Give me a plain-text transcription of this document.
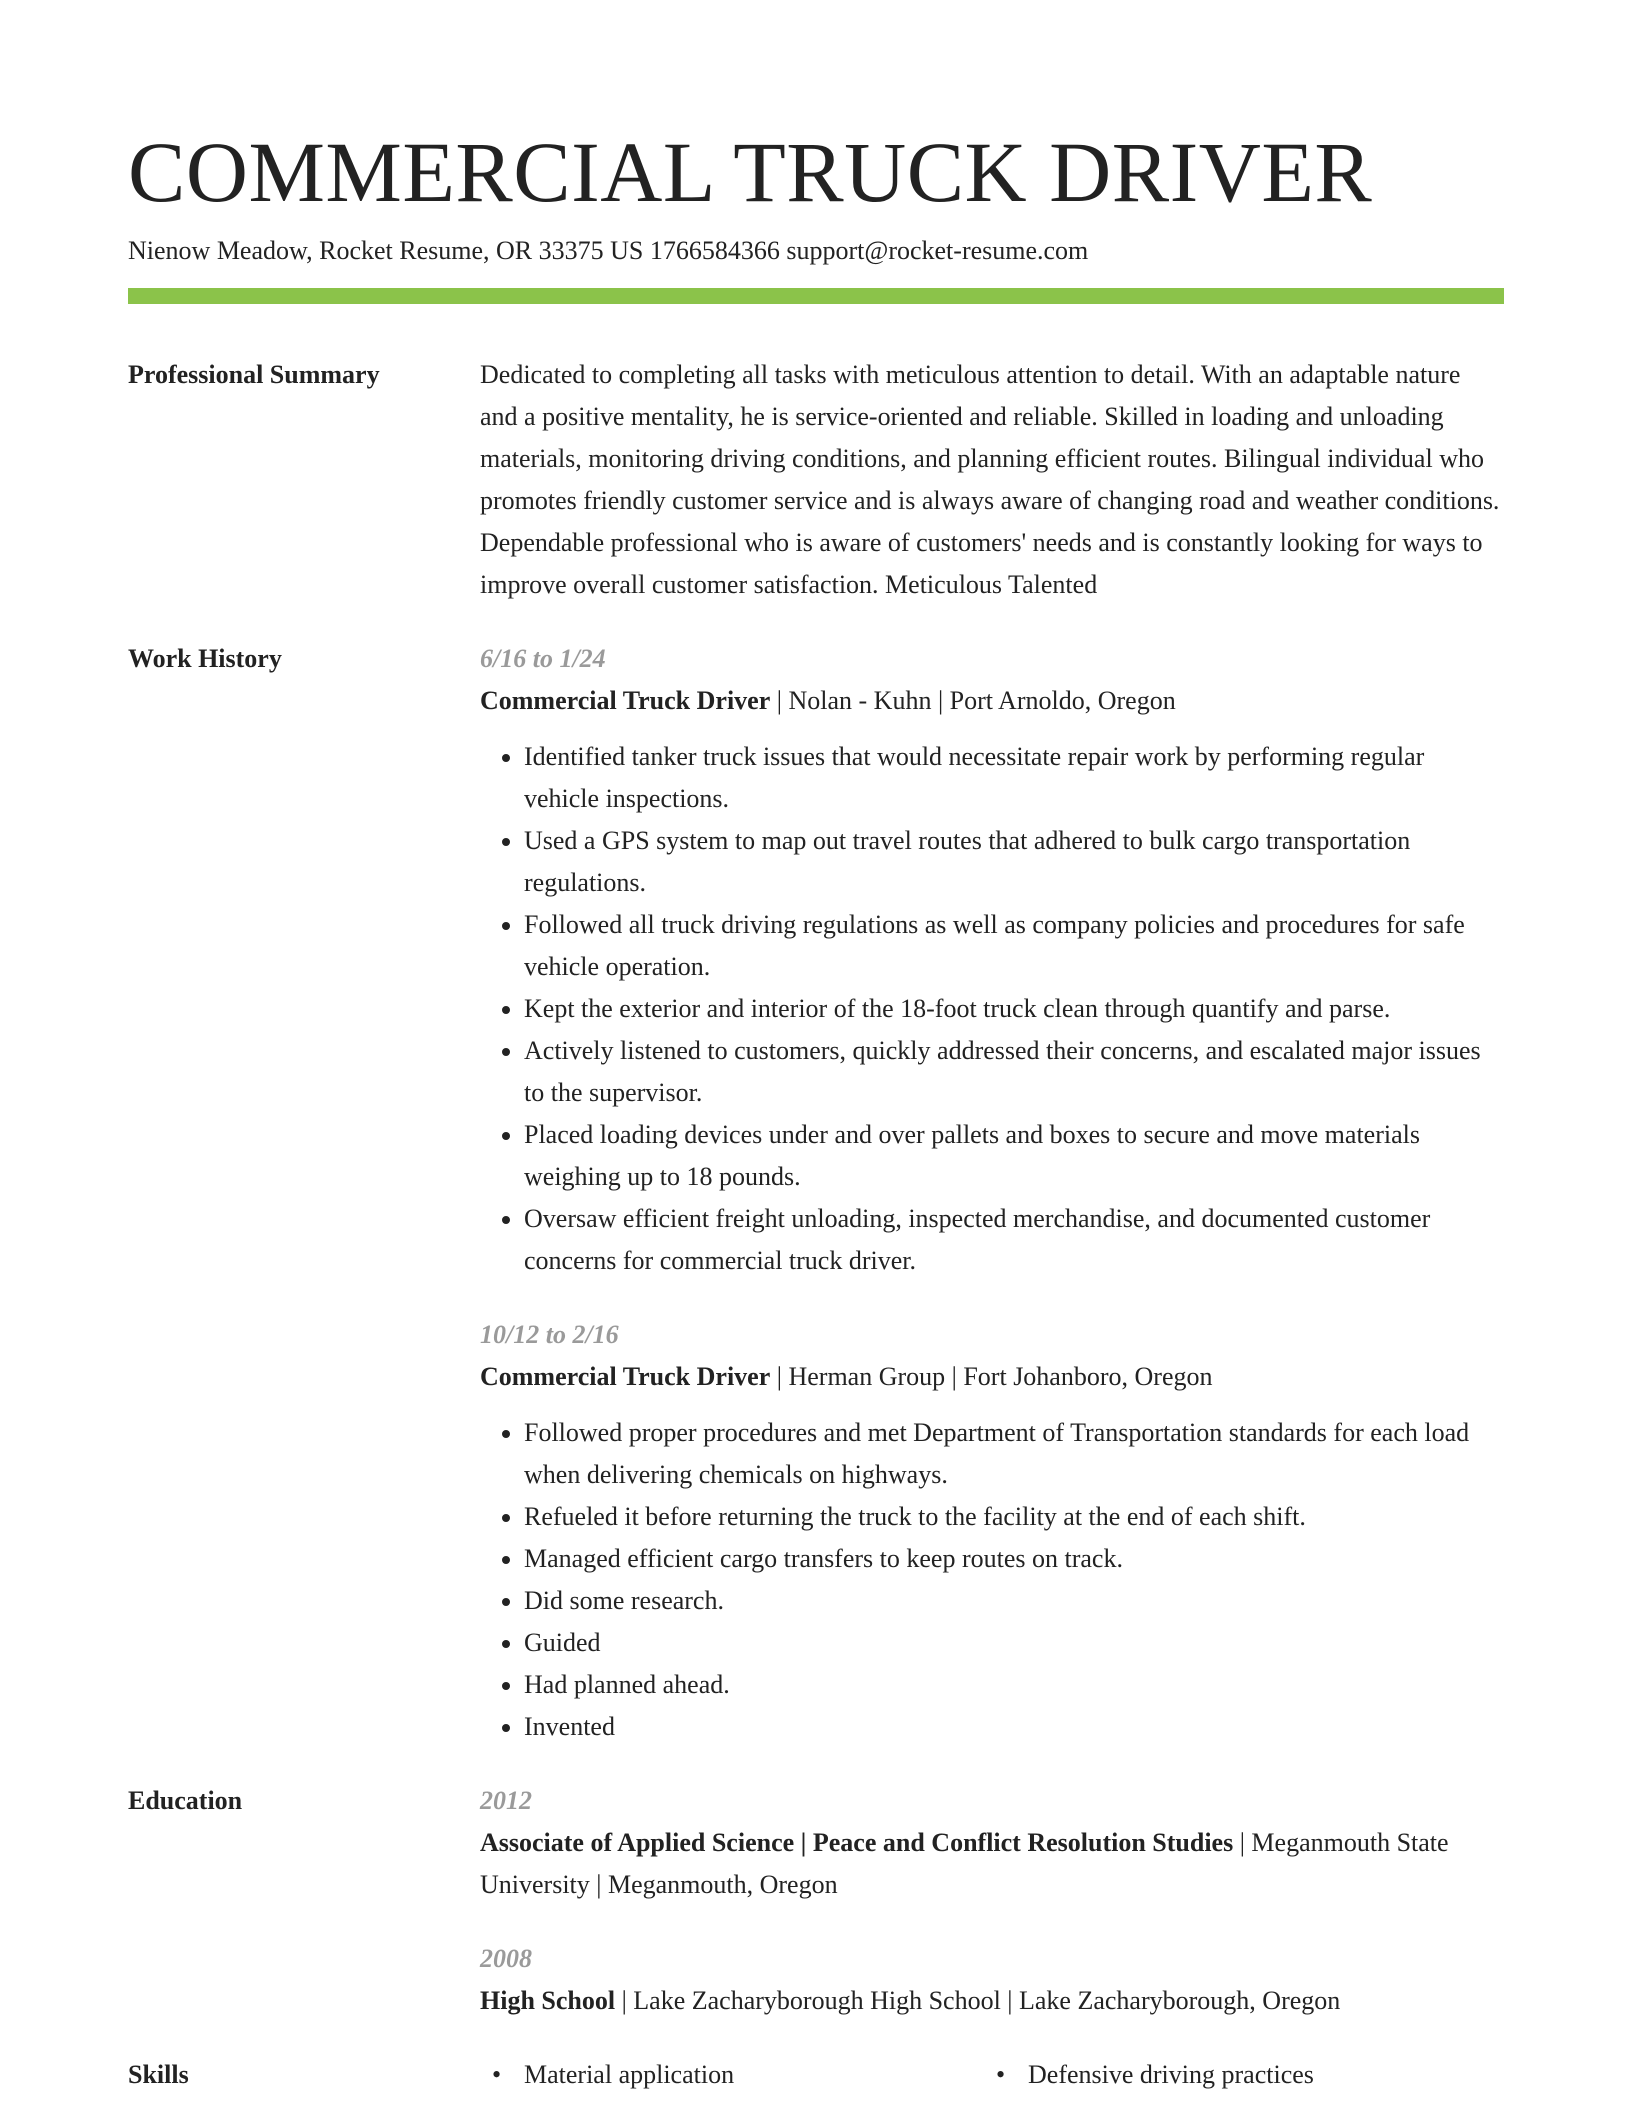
COMMERCIAL TRUCK DRIVER
Nienow Meadow, Rocket Resume, OR 33375 US 1766584366 support@rocket-resume.com
Professional Summary	Dedicated to completing all tasks with meticulous attention to detail. With an adaptable nature and a positive mentality, he is service-oriented and reliable. Skilled in loading and unloading materials, monitoring driving conditions, and planning efficient routes. Bilingual individual who promotes friendly customer service and is always aware of changing road and weather conditions. Dependable professional who is aware of customers' needs and is constantly looking for ways to improve overall customer satisfaction. Meticulous Talented

Work History	6/16 to 1/24

Commercial Truck Driver | Nolan - Kuhn | Port Arnoldo, Oregon

• Identified tanker truck issues that would necessitate repair work by performing regular vehicle inspections.
• Used a GPS system to map out travel routes that adhered to bulk cargo transportation regulations.
• Followed all truck driving regulations as well as company policies and procedures for safe vehicle operation.
• Kept the exterior and interior of the 18-foot truck clean through quantify and parse.
• Actively listened to customers, quickly addressed their concerns, and escalated major issues to the supervisor.
• Placed loading devices under and over pallets and boxes to secure and move materials weighing up to 18 pounds.
• Oversaw efficient freight unloading, inspected merchandise, and documented customer concerns for commercial truck driver.
10/12 to 2/16

Commercial Truck Driver | Herman Group | Fort Johanboro, Oregon

• Followed proper procedures and met Department of Transportation standards for each load when delivering chemicals on highways.
• Refueled it before returning the truck to the facility at the end of each shift.
• Managed efficient cargo transfers to keep routes on track.
• Did some research.
• Guided
• Had planned ahead.
• Invented
Education	2012

Associate of Applied Science | Peace and Conflict Resolution Studies | Meganmouth State University | Meganmouth, Oregon

2008

High School | Lake Zacharyborough High School | Lake Zacharyborough, Oregon

Skills	• Material application	• Defensive driving practices
